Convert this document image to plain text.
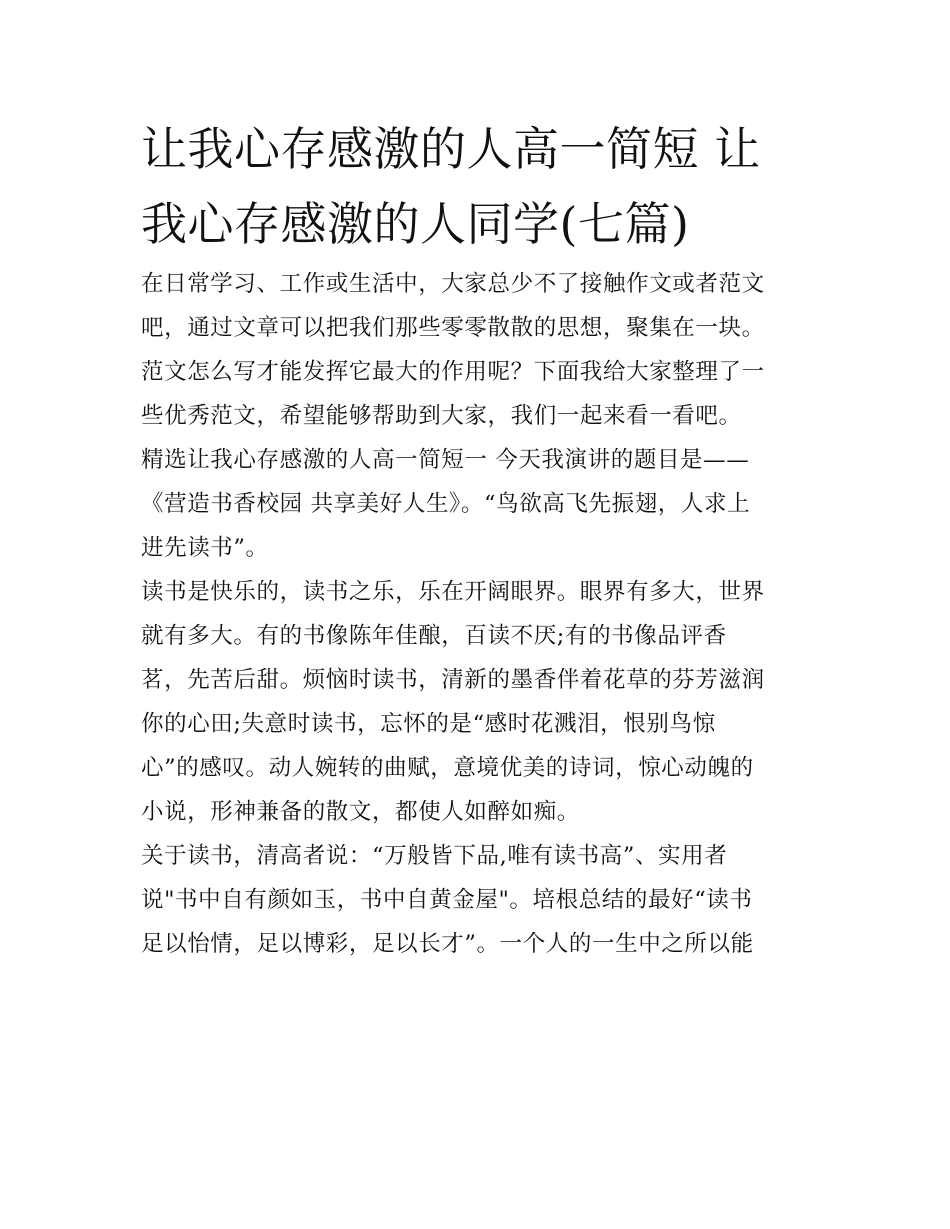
让我心存感激的人高一简短 让
我心存感激的人同学(七篇)
在日常学习、工作或生活中，大家总少不了接触作文或者范文
吧，通过文章可以把我们那些零零散散的思想，聚集在一块。
范文怎么写才能发挥它最大的作用呢？下面我给大家整理了一
些优秀范文，希望能够帮助到大家，我们一起来看一看吧。
精选让我心存感激的人高一简短一 今天我演讲的题目是——
《营造书香校园 共享美好人生》。“鸟欲高飞先振翅，人求上
进先读书”。
读书是快乐的，读书之乐，乐在开阔眼界。眼界有多大，世界
就有多大。有的书像陈年佳酿，百读不厌;有的书像品评香
茗，先苦后甜。烦恼时读书，清新的墨香伴着花草的芬芳滋润
你的心田;失意时读书，忘怀的是“感时花溅泪，恨别鸟惊
心”的感叹。动人婉转的曲赋，意境优美的诗词，惊心动魄的
小说，形神兼备的散文，都使人如醉如痴。
关于读书，清高者说：“万般皆下品,唯有读书高”、实用者
说"书中自有颜如玉，书中自黄金屋"。培根总结的最好“读书
足以怡情，足以博彩，足以长才”。一个人的一生中之所以能
